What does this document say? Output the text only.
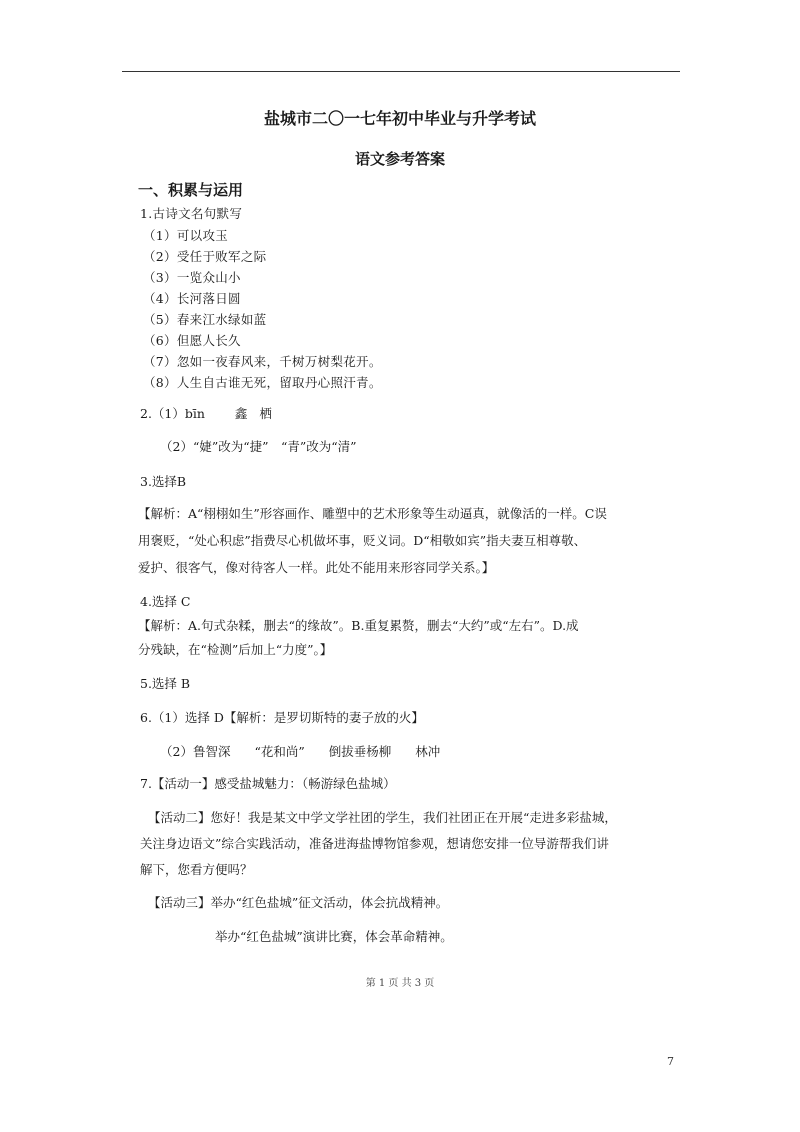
盐城市二〇一七年初中毕业与升学考试
语文参考答案
一、积累与运用
1.古诗文名句默写
（1）可以攻玉
（2）受任于败军之际
（3）一览众山小
（4）长河落日圆
（5）春来江水绿如蓝
（6）但愿人长久
（7）忽如一夜春风来，千树万树梨花开。
（8）人生自古谁无死，留取丹心照汗青。
2.（1）bīn 鑫 栖
（2）“婕”改为“捷”　“青”改为“清”
3.选择B
【解析：A“栩栩如生”形容画作、雕塑中的艺术形象等生动逼真，就像活的一样。C误
用褒贬，“处心积虑”指费尽心机做坏事，贬义词。D“相敬如宾”指夫妻互相尊敬、
爱护、很客气，像对待客人一样。此处不能用来形容同学关系。】
4.选择 C
【解析：A.句式杂糅，删去“的缘故”。B.重复累赘，删去“大约”或“左右”。D.成
分残缺，在“检测”后加上“力度”。】
5.选择 B
6.（1）选择 D【解析：是罗切斯特的妻子放的火】
（2）鲁智深 “花和尚” 倒拔垂杨柳 林冲
7.【活动一】感受盐城魅力：（畅游绿色盐城）
【活动二】您好！我是某文中学文学社团的学生，我们社团正在开展“走进多彩盐城，
关注身边语文”综合实践活动，准备进海盐博物馆参观，想请您安排一位导游帮我们讲
解下，您看方便吗？
【活动三】举办“红色盐城”征文活动，体会抗战精神。
举办“红色盐城”演讲比赛，体会革命精神。
第 1 页 共 3 页
7
